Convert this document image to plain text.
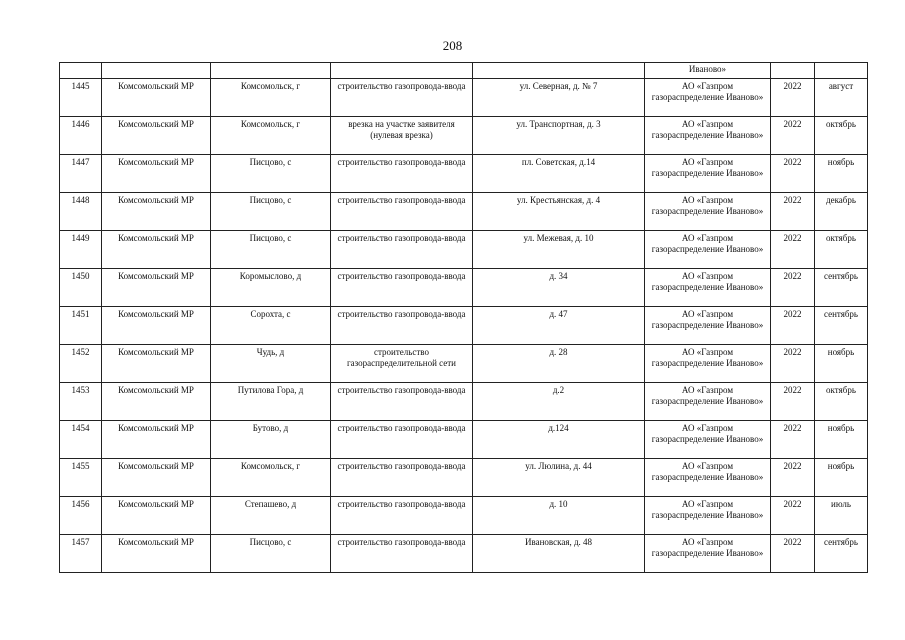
208
					Иваново»		
1445	Комсомольский МР	Комсомольск, г	строительство газопровода-ввода	ул. Северная, д. № 7	АО «Газпром газораспределение Иваново»	2022	август
1446	Комсомольский МР	Комсомольск, г	врезка на участке заявителя (нулевая врезка)	ул. Транспортная, д. 3	АО «Газпром газораспределение Иваново»	2022	октябрь
1447	Комсомольский МР	Писцово, с	строительство газопровода-ввода	пл. Советская, д.14	АО «Газпром газораспределение Иваново»	2022	ноябрь
1448	Комсомольский МР	Писцово, с	строительство газопровода-ввода	ул. Крестьянская, д. 4	АО «Газпром газораспределение Иваново»	2022	декабрь
1449	Комсомольский МР	Писцово, с	строительство газопровода-ввода	ул. Межевая, д. 10	АО «Газпром газораспределение Иваново»	2022	октябрь
1450	Комсомольский МР	Коромыслово, д	строительство газопровода-ввода	д. 34	АО «Газпром газораспределение Иваново»	2022	сентябрь
1451	Комсомольский МР	Сорохта, с	строительство газопровода-ввода	д. 47	АО «Газпром газораспределение Иваново»	2022	сентябрь
1452	Комсомольский МР	Чудь, д	строительство газораспределительной сети	д. 28	АО «Газпром газораспределение Иваново»	2022	ноябрь
1453	Комсомольский МР	Путилова Гора, д	строительство газопровода-ввода	д.2	АО «Газпром газораспределение Иваново»	2022	октябрь
1454	Комсомольский МР	Бутово, д	строительство газопровода-ввода	д.124	АО «Газпром газораспределение Иваново»	2022	ноябрь
1455	Комсомольский МР	Комсомольск, г	строительство газопровода-ввода	ул. Люлина, д. 44	АО «Газпром газораспределение Иваново»	2022	ноябрь
1456	Комсомольский МР	Степашево, д	строительство газопровода-ввода	д. 10	АО «Газпром газораспределение Иваново»	2022	июль
1457	Комсомольский МР	Писцово, с	строительство газопровода-ввода	Ивановская, д. 48	АО «Газпром газораспределение Иваново»	2022	сентябрь
